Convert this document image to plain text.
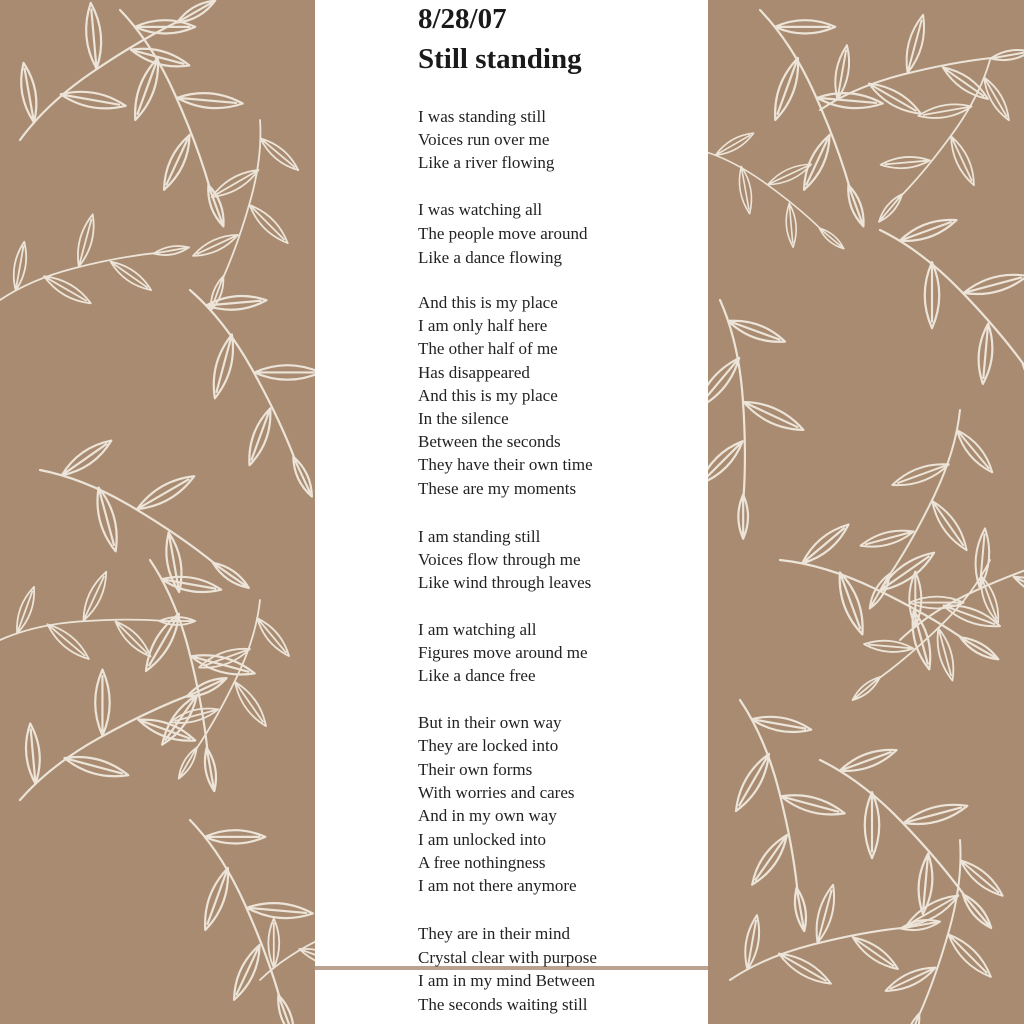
8/28/07
Still standing
I was standing still
Voices run over me
Like a river flowing
I was watching all
The people move around
Like a dance flowing
And this is my place
I am only half here
The other half of me
Has disappeared
And this is my place
In the silence
Between the seconds
They have their own time
These are my moments
I am standing still
Voices flow through me
Like wind through leaves
I am watching all
Figures move around me
Like a dance free
But in their own way
They are locked into
Their own forms
With worries and cares
And in my own way
I am unlocked into
A free nothingness
I am not there anymore
They are in their mind
Crystal clear with purpose
I am in my mind Between
The seconds waiting still
